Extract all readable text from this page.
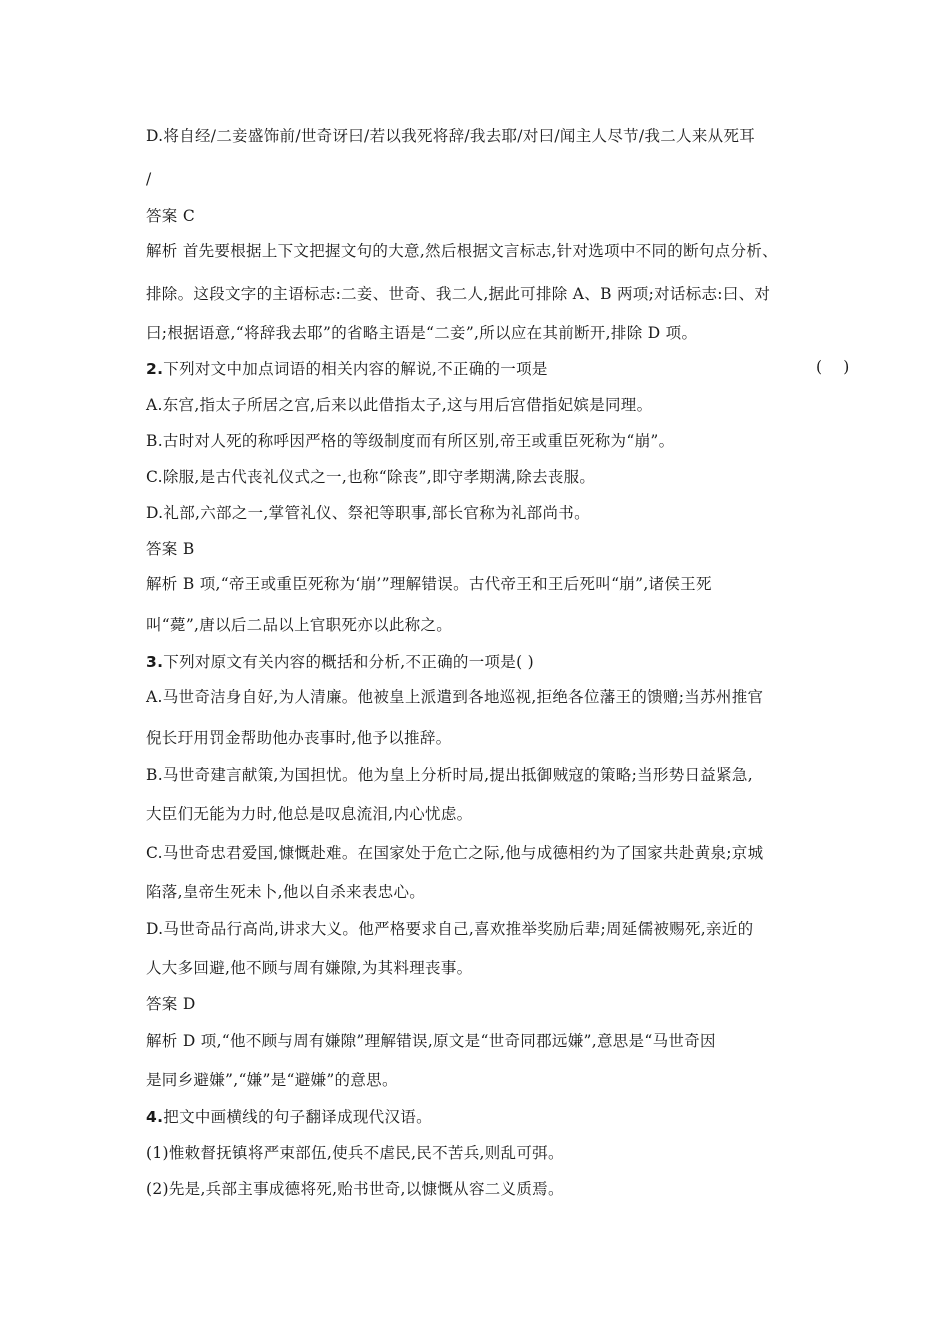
D.将自经/二妾盛饰前/世奇讶曰/若以我死将辞/我去耶/对曰/闻主人尽节/我二人来从死耳
/
答案 C
解析 首先要根据上下文把握文句的大意,然后根据文言标志,针对选项中不同的断句点分析、
排除。这段文字的主语标志:二妾、世奇、我二人,据此可排除 A、B 两项;对话标志:曰、对
曰;根据语意,“将辞我去耶”的省略主语是“二妾”,所以应在其前断开,排除 D 项。
2.下列对文中加点词语的相关内容的解说,不正确的一项是	(    )
A.东宫,指太子所居之宫,后来以此借指太子,这与用后宫借指妃嫔是同理。
B.古时对人死的称呼因严格的等级制度而有所区别,帝王或重臣死称为“崩”。
C.除服,是古代丧礼仪式之一,也称“除丧”,即守孝期满,除去丧服。
D.礼部,六部之一,掌管礼仪、祭祀等职事,部长官称为礼部尚书。
答案 B
解析 B 项,“帝王或重臣死称为‘崩’”理解错误。古代帝王和王后死叫“崩”,诸侯王死
叫“薨”,唐以后二品以上官职死亦以此称之。
3.下列对原文有关内容的概括和分析,不正确的一项是( )
A.马世奇洁身自好,为人清廉。他被皇上派遣到各地巡视,拒绝各位藩王的馈赠;当苏州推官
倪长玗用罚金帮助他办丧事时,他予以推辞。
B.马世奇建言献策,为国担忧。他为皇上分析时局,提出抵御贼寇的策略;当形势日益紧急,
大臣们无能为力时,他总是叹息流泪,内心忧虑。
C.马世奇忠君爱国,慷慨赴难。在国家处于危亡之际,他与成德相约为了国家共赴黄泉;京城
陷落,皇帝生死未卜,他以自杀来表忠心。
D.马世奇品行高尚,讲求大义。他严格要求自己,喜欢推举奖励后辈;周延儒被赐死,亲近的
人大多回避,他不顾与周有嫌隙,为其料理丧事。
答案 D
解析 D 项,“他不顾与周有嫌隙”理解错误,原文是“世奇同郡远嫌”,意思是“马世奇因
是同乡避嫌”,“嫌”是“避嫌”的意思。
4.把文中画横线的句子翻译成现代汉语。
(1)惟敕督抚镇将严束部伍,使兵不虐民,民不苦兵,则乱可弭。
(2)先是,兵部主事成德将死,贻书世奇,以慷慨从容二义质焉。
